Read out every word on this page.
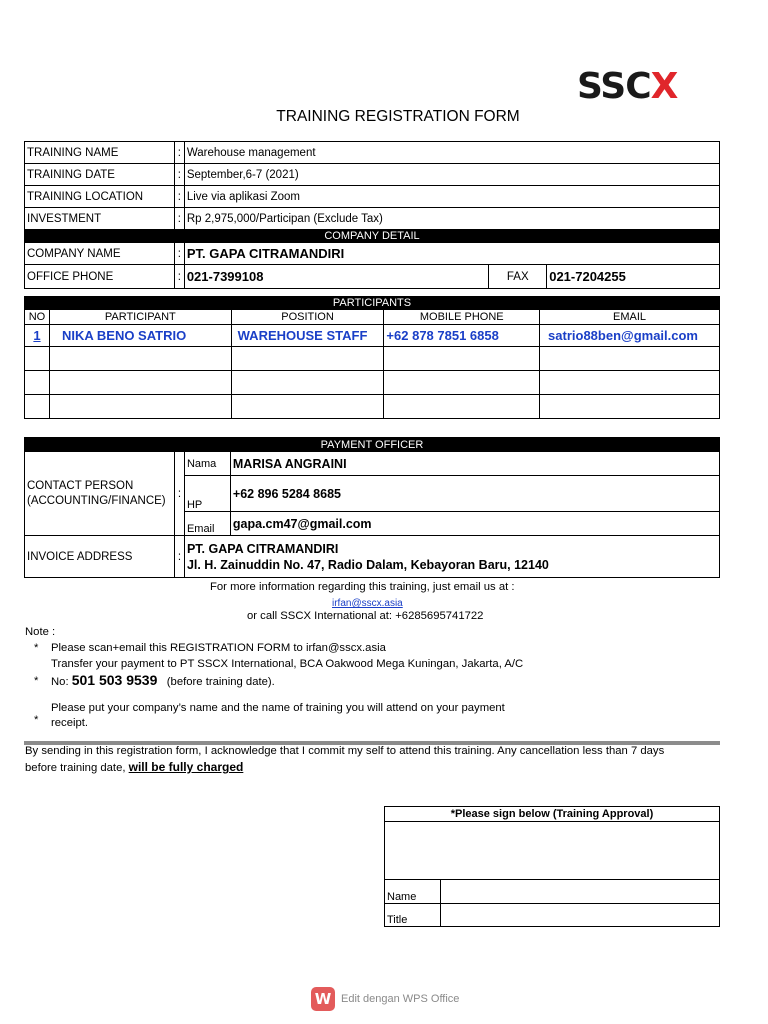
SSCX
TRAINING REGISTRATION FORM
TRAINING NAME	:	Warehouse management		
TRAINING DATE	:	September,6-7 (2021)		
TRAINING LOCATION	:	Live via aplikasi Zoom		
INVESTMENT	:	Rp 2,975,000/Participan (Exclude Tax)		
COMPANY DETAIL				
COMPANY NAME	:	PT. GAPA CITRAMANDIRI		
OFFICE PHONE	:	021-7399108	FAX	021-7204255
PARTICIPANTS				
NO	PARTICIPANT	POSITION	MOBILE PHONE	EMAIL
1	NIKA BENO SATRIO	WAREHOUSE STAFF	+62 878 7851 6858	satrio88ben@gmail.com

PAYMENT OFFICER			
CONTACT PERSON
(ACCOUNTING/FINANCE)	:	Nama	MARISA ANGRAINI
		HP	+62 896 5284 8685
		Email	gapa.cm47@gmail.com
INVOICE ADDRESS	:	PT. GAPA CITRAMANDIRI
Jl. H. Zainuddin No. 47, Radio Dalam, Kebayoran Baru, 12140	
For more information regarding this training, just email us at :
irfan@sscx.asia
or call SSCX International at: +6285695741722
Note :
* Please scan+email this REGISTRATION FORM to irfan@sscx.asia
Transfer your payment to PT SSCX International, BCA Oakwood Mega Kuningan, Jakarta, A/C
* No: 501 503 9539 (before training date).
Please put your company’s name and the name of training you will attend on your payment
* receipt.
By sending in this registration form, I acknowledge that I commit my self to attend this training. Any cancellation less than 7 days
before training date, will be fully charged
*Please sign below (Training Approval)	

Name	
Title	
W Edit dengan WPS Office
